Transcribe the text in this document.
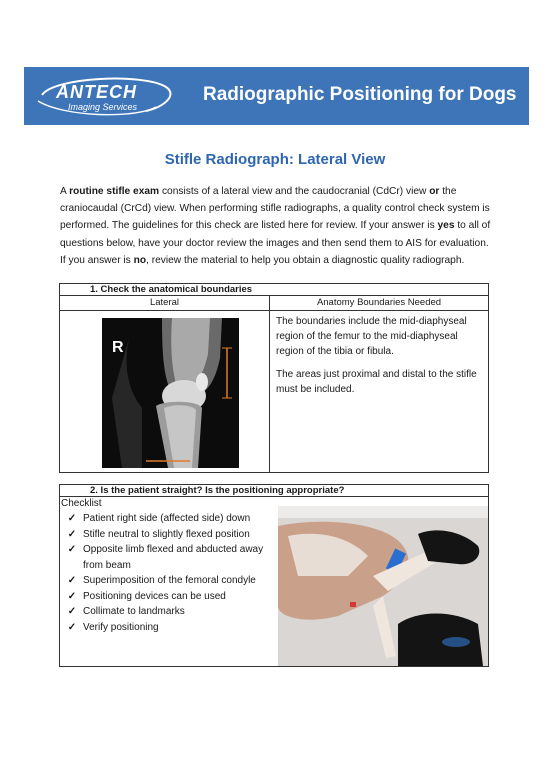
ANTECH
Imaging Services
Radiographic Positioning for Dogs
Stifle Radiograph: Lateral View

A routine stifle exam consists of a lateral view and the caudocranial (CdCr) view or the craniocaudal (CrCd) view. When performing stifle radiographs, a quality control check system is performed. The guidelines for this check are listed here for review. If your answer is yes to all of questions below, have your doctor review the images and then send them to AIS for evaluation. If you answer is no, review the material to help you obtain a diagnostic quality radiograph.

1. Check the anatomical boundaries
Lateral	Anatomy Boundaries Needed
R

The boundaries include the mid-diaphyseal region of the femur to the mid-diaphyseal region of the tibia or fibula.

The areas just proximal and distal to the stifle must be included.

2. Is the patient straight? Is the positioning appropriate?
Checklist
✓ Patient right side (affected side) down
✓ Stifle neutral to slightly flexed position
✓ Opposite limb flexed and abducted away from beam
✓ Superimposition of the femoral condyle
✓ Positioning devices can be used
✓ Collimate to landmarks
✓ Verify positioning
